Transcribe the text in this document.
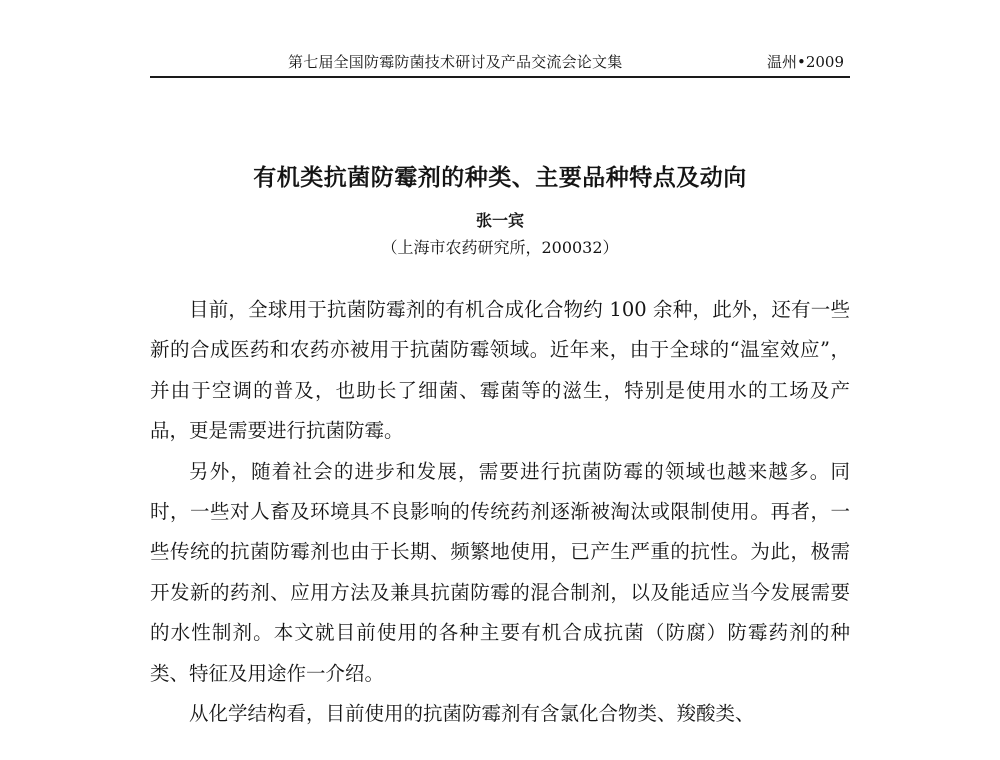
第七届全国防霉防菌技术研讨及产品交流会论文集	温州•2009
有机类抗菌防霉剂的种类、主要品种特点及动向
张一宾
（上海市农药研究所，200032）

目前，全球用于抗菌防霉剂的有机合成化合物约 100 余种，此外，还有一些新的合成医药和农药亦被用于抗菌防霉领域。近年来，由于全球的“温室效应”，并由于空调的普及，也助长了细菌、霉菌等的滋生，特别是使用水的工场及产品，更是需要进行抗菌防霉。

另外，随着社会的进步和发展，需要进行抗菌防霉的领域也越来越多。同时，一些对人畜及环境具不良影响的传统药剂逐渐被淘汰或限制使用。再者，一些传统的抗菌防霉剂也由于长期、频繁地使用，已产生严重的抗性。为此，极需开发新的药剂、应用方法及兼具抗菌防霉的混合制剂，以及能适应当今发展需要的水性制剂。本文就目前使用的各种主要有机合成抗菌（防腐）防霉药剂的种类、特征及用途作一介绍。

从化学结构看，目前使用的抗菌防霉剂有含氯化合物类、羧酸类、
